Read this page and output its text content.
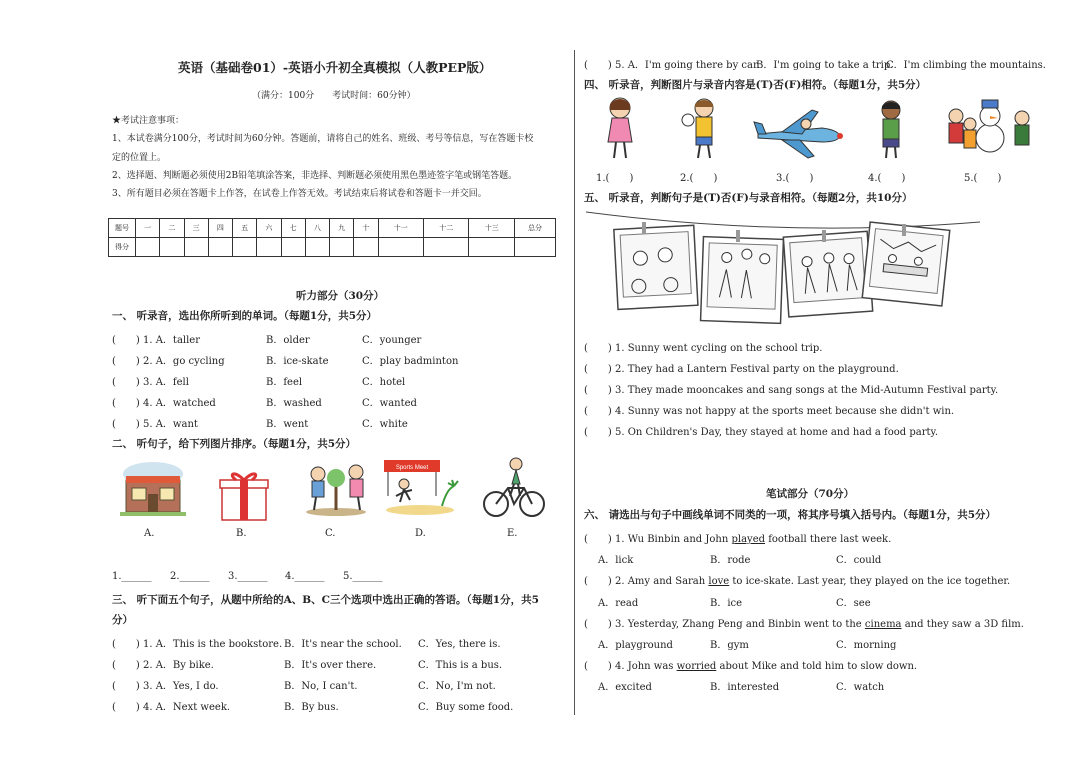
英语（基础卷01）-英语小升初全真模拟（人教PEP版）
（满分：100分　　考试时间：60分钟）
★考试注意事项：
1、本试卷满分100分，考试时间为60分钟。答题前，请将自己的姓名、班级、考号等信息，写在答题卡校
定的位置上。
2、选择题、判断题必须使用2B铅笔填涂答案，非选择、判断题必须使用黑色墨迹签字笔或钢笔答题。
3、所有题目必须在答题卡上作答，在试卷上作答无效。考试结束后将试卷和答题卡一并交回。
题号	一	二	三	四	五	六	七	八	九	十	十一	十二	十三	总分
得分														
听力部分（30分）
一、 听录音，选出你所听到的单词。（每题1分，共5分）
(　　) 1. A．taller	B．older	C．younger
(　　) 2. A．go cycling	B．ice-skate	C．play badminton
(　　) 3. A．fell	B．feel	C．hotel
(　　) 4. A．watched	B．washed	C．wanted
(　　) 5. A．want	B．went	C．white
二、 听句子，给下列图片排序。（每题1分，共5分）
Sports Meet
A.	B.	C.	D.	E.
1.______ 2.______ 3.______ 4.______ 5.______
三、 听下面五个句子，从题中所给的A、B、C三个选项中选出正确的答语。（每题1分，共5
分）
(　　) 1. A．This is the bookstore. B．It's near the school. C．Yes, there is.
(　　) 2. A．By bike.	B．It's over there.	C．This is a bus.
(　　) 3. A．Yes, I do.	B．No, I can't.	C．No, I'm not.
(　　) 4. A．Next week.	B．By bus.	C．Buy some food.
(　　) 5. A．I'm going there by car.
B．I'm going to take a trip.
C．I'm climbing the mountains.
四、 听录音，判断图片与录音内容是(T)否(F)相符。（每题1分，共5分）
1.(　　)	2.(　　)	3.(　　)	4.(　　)	5.(　　)
五、 听录音，判断句子是(T)否(F)与录音相符。（每题2分，共10分）
(　　) 1. Sunny went cycling on the school trip.
(　　) 2. They had a Lantern Festival party on the playground.
(　　) 3. They made mooncakes and sang songs at the Mid-Autumn Festival party.
(　　) 4. Sunny was not happy at the sports meet because she didn't win.
(　　) 5. On Children's Day, they stayed at home and had a food party.
笔试部分（70分）
六、 请选出与句子中画线单词不同类的一项，将其序号填入括号内。（每题1分，共5分）
(　　) 1. Wu Binbin and John played football there last week.
A．lick	B．rode	C．could
(　　) 2. Amy and Sarah love to ice-skate. Last year, they played on the ice together.
A．read	B．ice	C．see
(　　) 3. Yesterday, Zhang Peng and Binbin went to the cinema and they saw a 3D film.
A．playground	B．gym	C．morning
(　　) 4. John was worried about Mike and told him to slow down.
A．excited	B．interested	C．watch
